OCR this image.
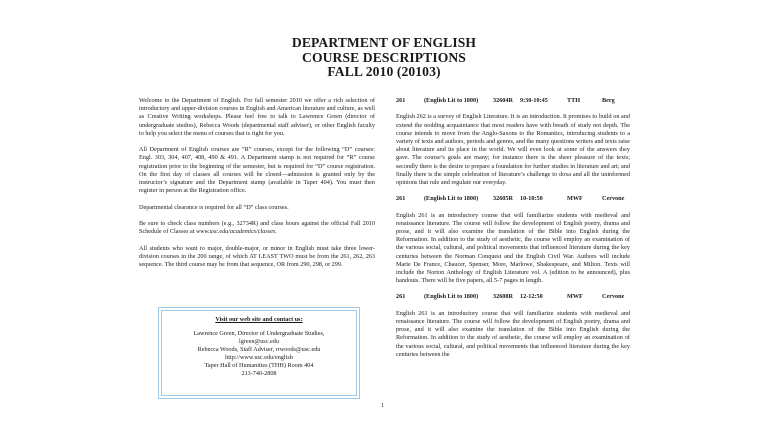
DEPARTMENT OF ENGLISH
COURSE DESCRIPTIONS
FALL 2010 (20103)

Welcome to the Department of English. For fall semester 2010 we offer a rich selection of introductory and upper-division courses in English and American literature and culture, as well as Creative Writing workshops. Please feel free to talk to Lawrence Green (director of undergraduate studies), Rebecca Woods (departmental staff adviser), or other English faculty to help you select the menu of courses that is right for you.

All Department of English courses are “R” courses, except for the following “D” courses: Engl. 303, 304, 407, 408, 490 & 491. A Department stamp is not required for “R” course registration prior to the beginning of the semester, but is required for “D” course registration. On the first day of classes all courses will be closed—admission is granted only by the instructor’s signature and the Department stamp (available in Taper 404). You must then register in person at the Registration office.

Departmental clearance is required for all “D” class courses.

Be sure to check class numbers (e.g., 32734R) and class hours against the official Fall 2010 Schedule of Classes at www.usc.edu/academics/classes.

All students who want to major, double-major, or minor in English must take three lower-division courses in the 200 range, of which AT LEAST TWO must be from the 261, 262, 263 sequence. The third course may be from that sequence, OR from 290, 298, or 299.

Visit our web site and contact us:
Lawrence Green, Director of Undergraduate Studies,
lgreen@usc.edu
Rebecca Woods, Staff Adviser, rrwoods@usc.edu
http://www.usc.edu/english
Taper Hall of Humanities (THH) Room 404
213-740-2808
261	(English Lit to 1800) 32604R 9:30-10:45	TTH	Berg

English 262 is a survey of English Literature. It is an introduction. It promises to build on and extend the nodding acquaintance that most readers have with breath of study not depth. The course intends to move from the Anglo-Saxons to the Romantics, introducing students to a variety of texts and authors, periods and genres, and the many questions writers and texts raise about literature and its place in the world. We will even look at some of the answers they gave. The course’s goals are many; for instance there is the sheer pleasure of the texts; secondly there is the desire to prepare a foundation for further studies in literature and art; and finally there is the simple celebration of literature’s challenge to doxa and all the uninformed opinions that rule and regulate our everyday.

261	(English Lit to 1800) 32605R 10-10:50	MWF	Cervone

English 261 is an introductory course that will familiarize students with medieval and renaissance literature. The course will follow the development of English poetry, drama and prose, and it will also examine the translation of the Bible into English during the Reformation. In addition to the study of aesthetic, the course will employ an examination of the various social, cultural, and political movements that influenced literature during the key centuries between the Norman Conquest and the English Civil War. Authors will include Marie De France, Chaucer, Spenser, More, Marlowe, Shakespeare, and Milton. Texts will include the Norton Anthology of English Literature vol. A (edition to be announced), plus handouts. There will be five papers, all 5-7 pages in length.

261	(English Lit to 1800) 32608R 12-12:50	MWF	Cervone

English 261 is an introductory course that will familiarize students with medieval and renaissance literature. The course will follow the development of English poetry, drama and prose, and it will also examine the translation of the Bible into English during the Reformation. In addition to the study of aesthetic, the course will employ an examination of the various social, cultural, and political movements that influenced literature during the key centuries between the

1
